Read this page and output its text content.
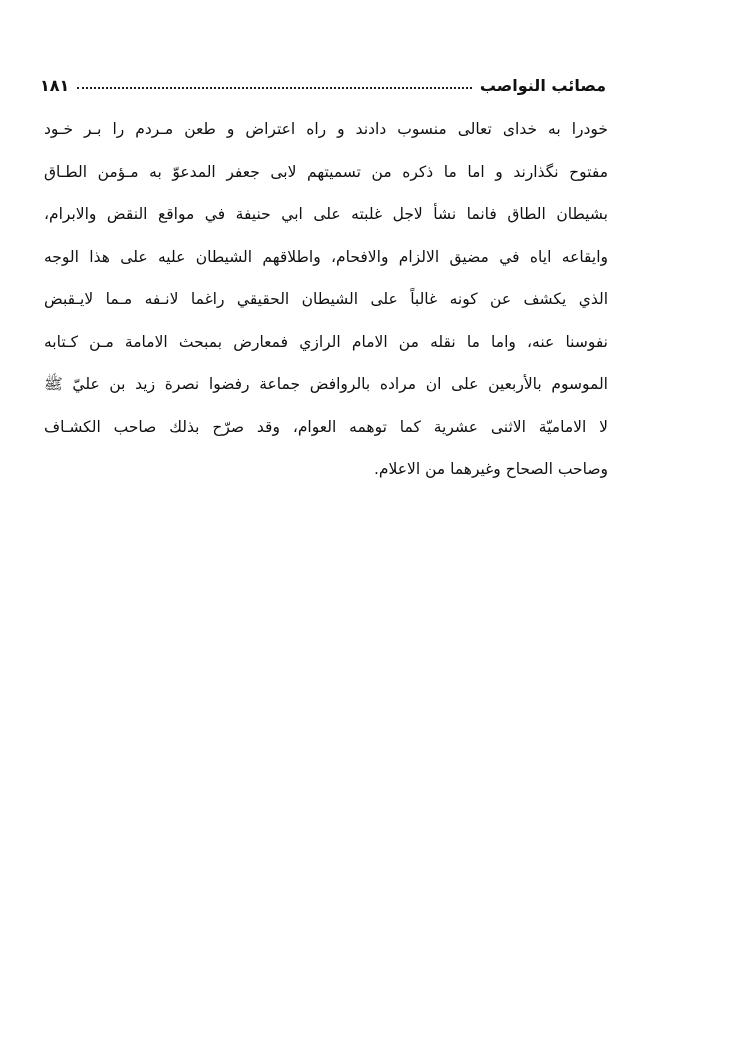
مصائب النواصب
١٨١
خودرا به خدای تعالی منسوب دادند و راه اعتراض و طعن مـردم را بـر خـود
مفتوح نگذارند و اما ما ذكره من تسميتهم لابى جعفر المدعوّ به مـؤمن الطـاق
بشيطان الطاق فانما نشأ لاجل غلبته على ابي حنيفة في مواقع النقض والابرام،
وايقاعه اياه في مضيق الالزام والافحام، واطلاقهم الشيطان عليه على هذا الوجه
الذي يكشف عن كونه غالباً على الشيطان الحقيقي راغما لانـفه مـما لايـقبض
نفوسنا عنه، واما ما نقله من الامام الرازي فمعارض بمبحث الامامة مـن كـتابه
الموسوم بالأربعين على ان مراده بالروافض جماعة رفضوا نصرة زيد بن عليّ ﷺ
لا الاماميّة الاثنى عشرية كما توهمه العوام، وقد صرّح بذلك صاحب الكشـاف
وصاحب الصحاح وغيرهما من الاعلام.
